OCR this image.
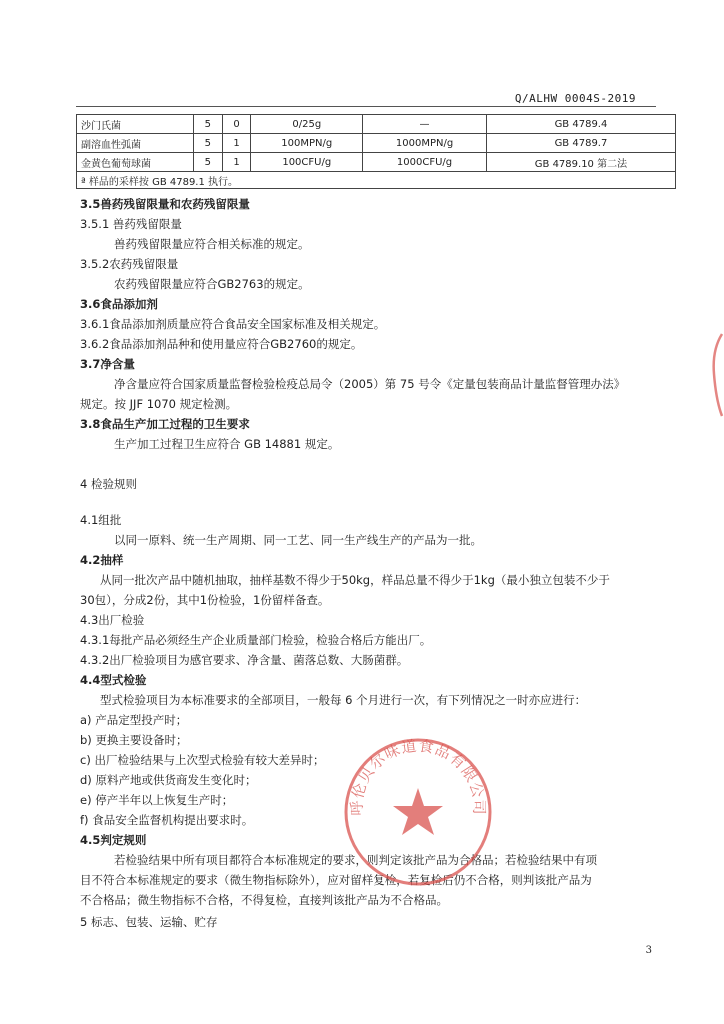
Q/ALHW 0004S-2019
沙门氏菌	5	0	0/25g	—	GB 4789.4
副溶血性弧菌	5	1	100MPN/g	1000MPN/g	GB 4789.7
金黄色葡萄球菌	5	1	100CFU/g	1000CFU/g	GB 4789.10 第二法
ª 样品的采样按 GB 4789.1 执行。					
3.5兽药残留限量和农药残留限量
3.5.1 兽药残留限量
兽药残留限量应符合相关标准的规定。
3.5.2农药残留限量
农药残留限量应符合GB2763的规定。
3.6食品添加剂
3.6.1食品添加剂质量应符合食品安全国家标准及相关规定。
3.6.2食品添加剂品种和使用量应符合GB2760的规定。
3.7净含量
净含量应符合国家质量监督检验检疫总局令（2005）第 75 号令《定量包装商品计量监督管理办法》
规定。按 JJF 1070 规定检测。
3.8食品生产加工过程的卫生要求
生产加工过程卫生应符合 GB 14881 规定。
4 检验规则
4.1组批
以同一原料、统一生产周期、同一工艺、同一生产线生产的产品为一批。
4.2抽样
从同一批次产品中随机抽取，抽样基数不得少于50kg，样品总量不得少于1kg（最小独立包装不少于
30包），分成2份，其中1份检验，1份留样备查。
4.3出厂检验
4.3.1每批产品必须经生产企业质量部门检验，检验合格后方能出厂。
4.3.2出厂检验项目为感官要求、净含量、菌落总数、大肠菌群。
4.4型式检验
型式检验项目为本标准要求的全部项目，一般每 6 个月进行一次，有下列情况之一时亦应进行：
a) 产品定型投产时；
b) 更换主要设备时；
c) 出厂检验结果与上次型式检验有较大差异时；
d) 原料产地或供货商发生变化时；
e) 停产半年以上恢复生产时；
f) 食品安全监督机构提出要求时。
4.5判定规则
若检验结果中所有项目都符合本标准规定的要求，则判定该批产品为合格品；若检验结果中有项
目不符合本标准规定的要求（微生物指标除外），应对留样复检，若复检后仍不合格，则判该批产品为
不合格品；微生物指标不合格，不得复检，直接判该批产品为不合格品。
5 标志、包装、运输、贮存
呼伦贝尔味道食品有限公司
3
